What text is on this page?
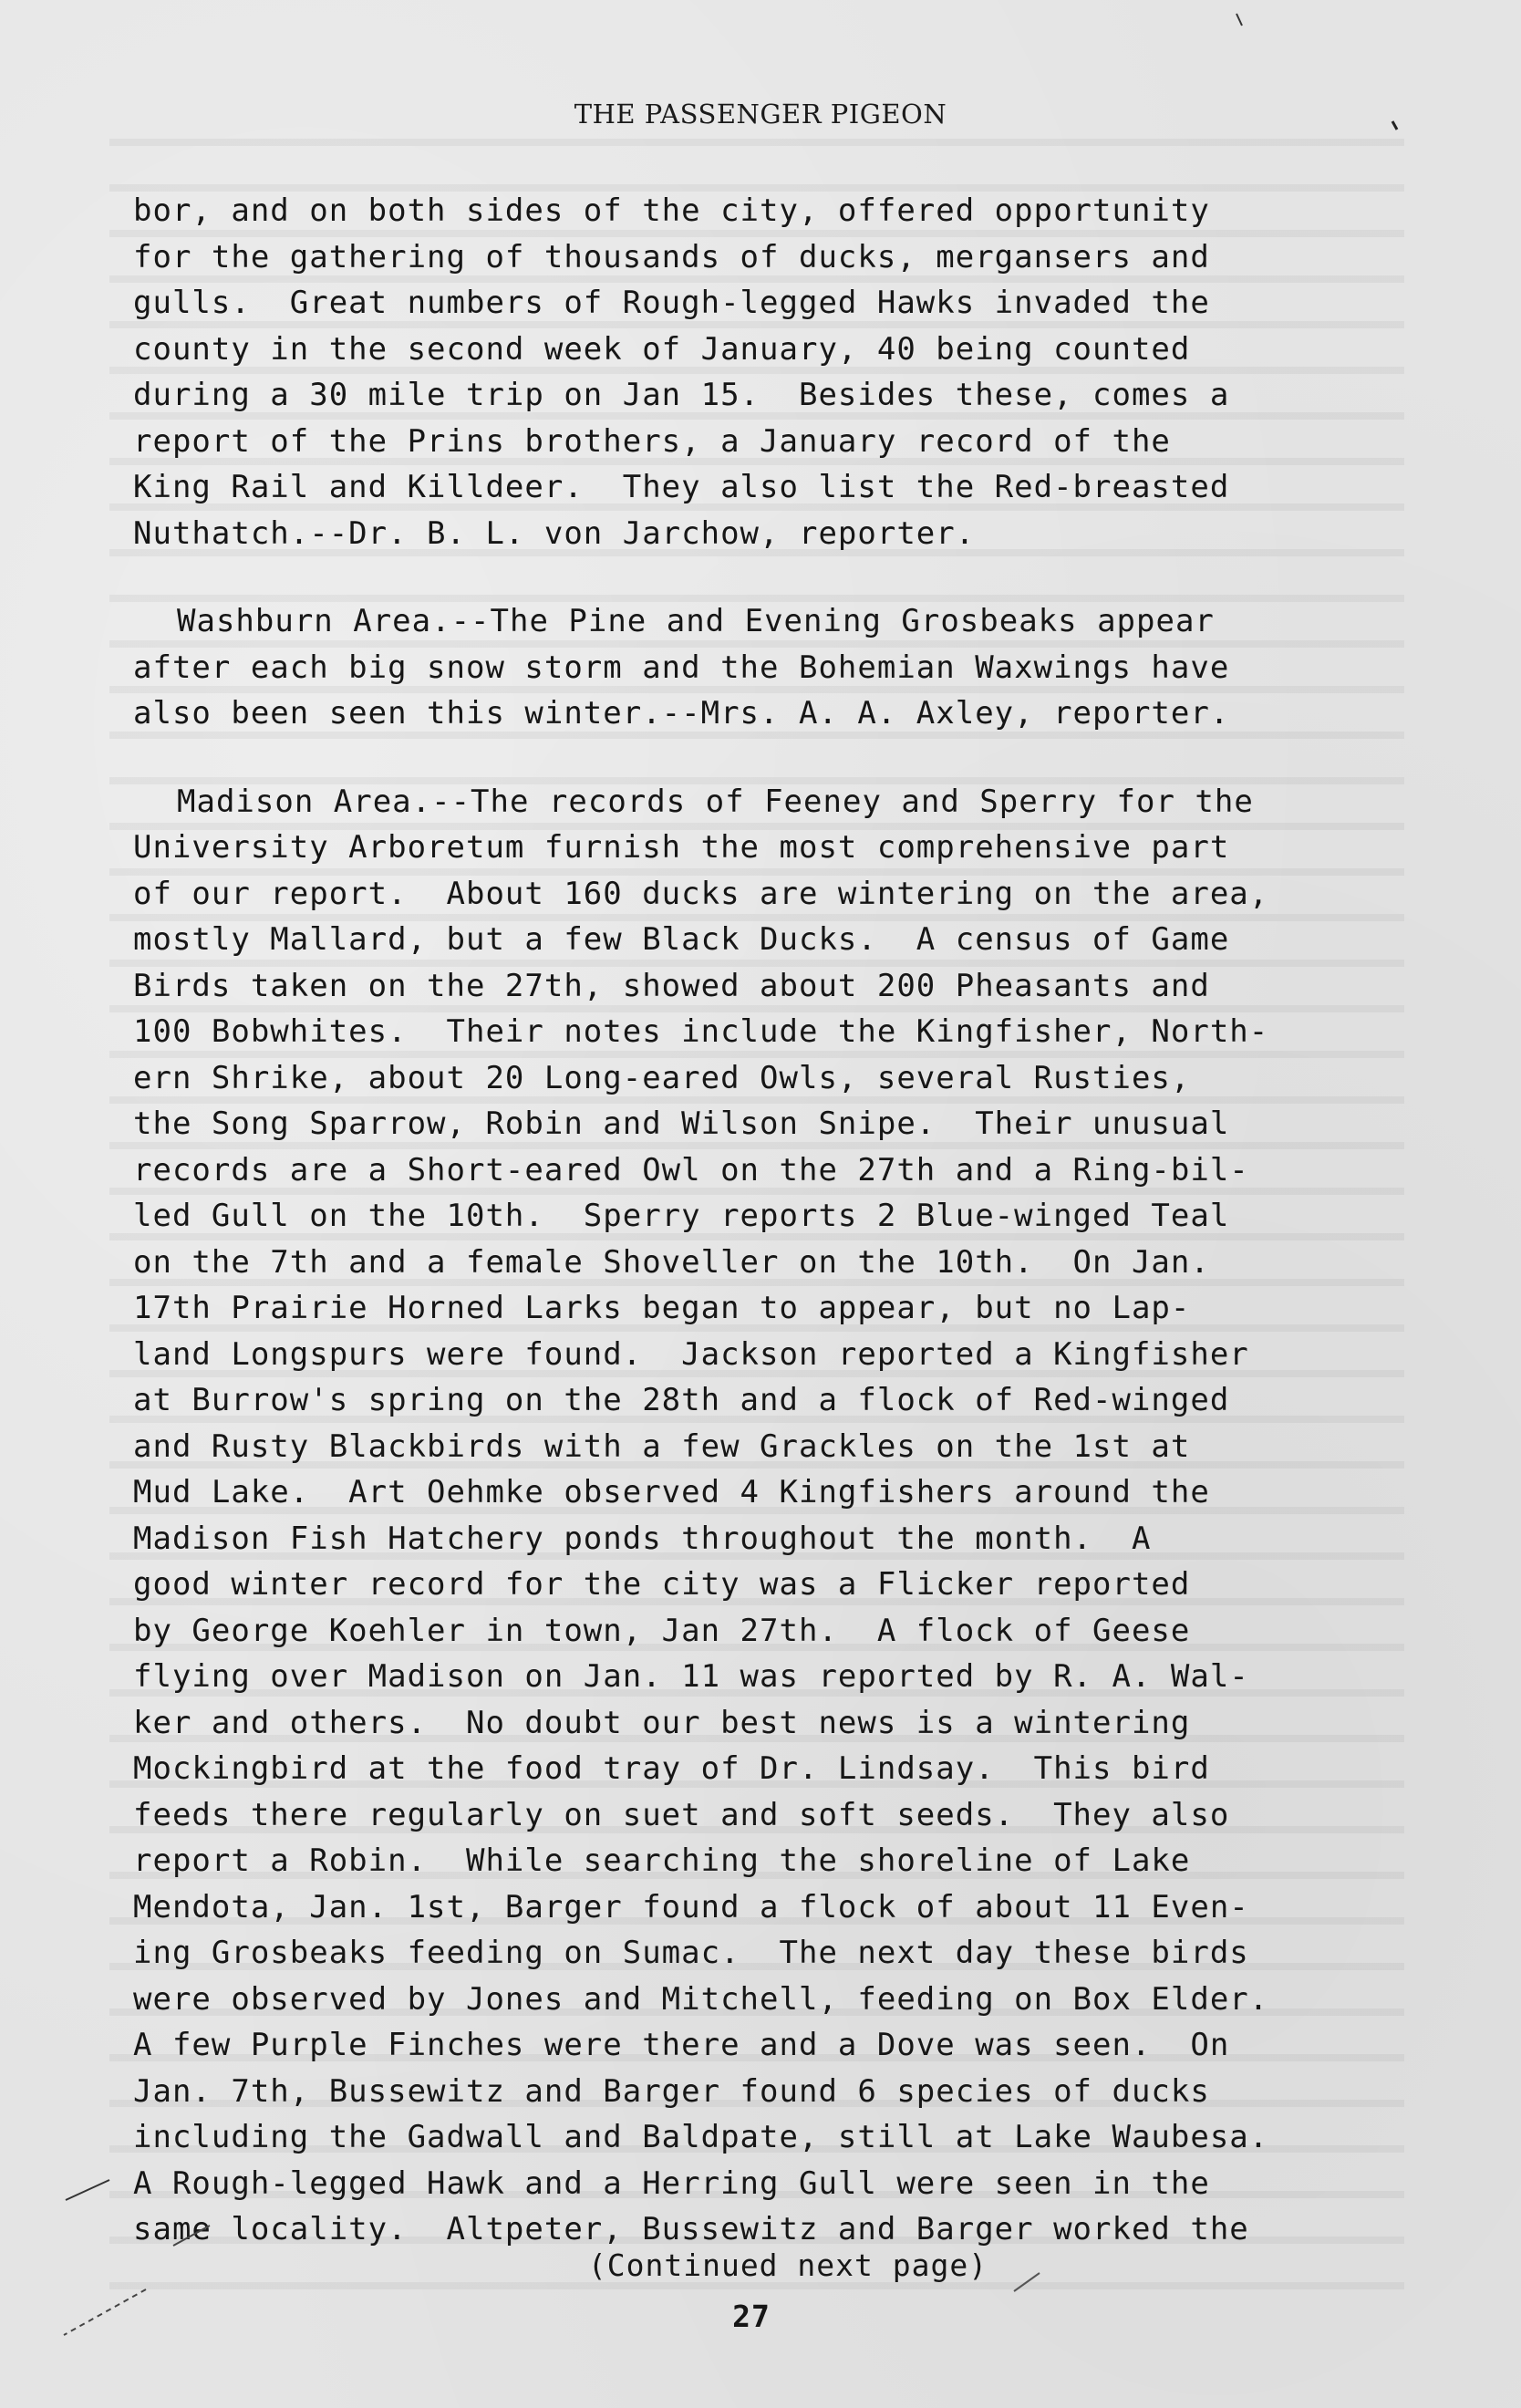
THE PASSENGER PIGEON
bor, and on both sides of the city, offered opportunity
for the gathering of thousands of ducks, mergansers and
gulls.  Great numbers of Rough-legged Hawks invaded the
county in the second week of January, 40 being counted
during a 30 mile trip on Jan 15.  Besides these, comes a
report of the Prins brothers, a January record of the
King Rail and Killdeer.  They also list the Red-breasted
Nuthatch.--Dr. B. L. von Jarchow, reporter.
Washburn Area.--The Pine and Evening Grosbeaks appear
after each big snow storm and the Bohemian Waxwings have
also been seen this winter.--Mrs. A. A. Axley, reporter.
Madison Area.--The records of Feeney and Sperry for the
University Arboretum furnish the most comprehensive part
of our report.  About 160 ducks are wintering on the area,
mostly Mallard, but a few Black Ducks.  A census of Game
Birds taken on the 27th, showed about 200 Pheasants and
100 Bobwhites.  Their notes include the Kingfisher, North-
ern Shrike, about 20 Long-eared Owls, several Rusties,
the Song Sparrow, Robin and Wilson Snipe.  Their unusual
records are a Short-eared Owl on the 27th and a Ring-bil-
led Gull on the 10th.  Sperry reports 2 Blue-winged Teal
on the 7th and a female Shoveller on the 10th.  On Jan.
17th Prairie Horned Larks began to appear, but no Lap-
land Longspurs were found.  Jackson reported a Kingfisher
at Burrow's spring on the 28th and a flock of Red-winged
and Rusty Blackbirds with a few Grackles on the 1st at
Mud Lake.  Art Oehmke observed 4 Kingfishers around the
Madison Fish Hatchery ponds throughout the month.  A
good winter record for the city was a Flicker reported
by George Koehler in town, Jan 27th.  A flock of Geese
flying over Madison on Jan. 11 was reported by R. A. Wal-
ker and others.  No doubt our best news is a wintering
Mockingbird at the food tray of Dr. Lindsay.  This bird
feeds there regularly on suet and soft seeds.  They also
report a Robin.  While searching the shoreline of Lake
Mendota, Jan. 1st, Barger found a flock of about 11 Even-
ing Grosbeaks feeding on Sumac.  The next day these birds
were observed by Jones and Mitchell, feeding on Box Elder.
A few Purple Finches were there and a Dove was seen.  On
Jan. 7th, Bussewitz and Barger found 6 species of ducks
including the Gadwall and Baldpate, still at Lake Waubesa.
A Rough-legged Hawk and a Herring Gull were seen in the
same locality.  Altpeter, Bussewitz and Barger worked the
(Continued next page)
27
